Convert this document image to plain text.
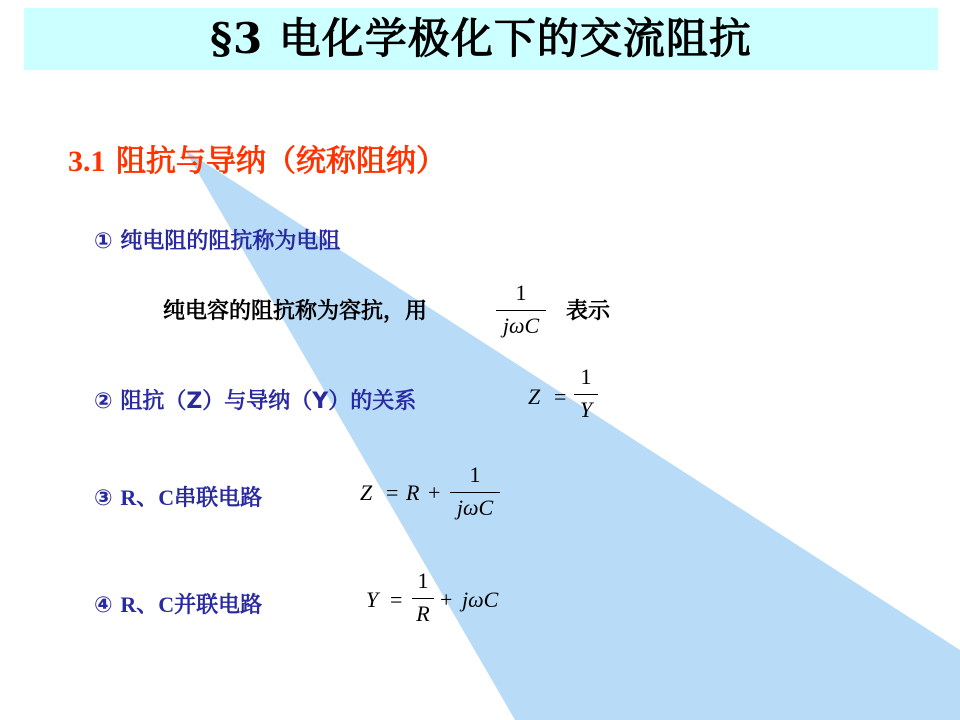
§3 电化学极化下的交流阻抗
3.1 阻抗与导纳（统称阻纳）
① 纯电阻的阻抗称为电阻
纯电容的阻抗称为容抗，用
1
jωC
表示
② 阻抗（Z）与导纳（Y）的关系	Z =
1
Y
③ R、C串联电路	Z = R +
1
jωC
④ R、C并联电路	Y =
1
R
+ jωC
